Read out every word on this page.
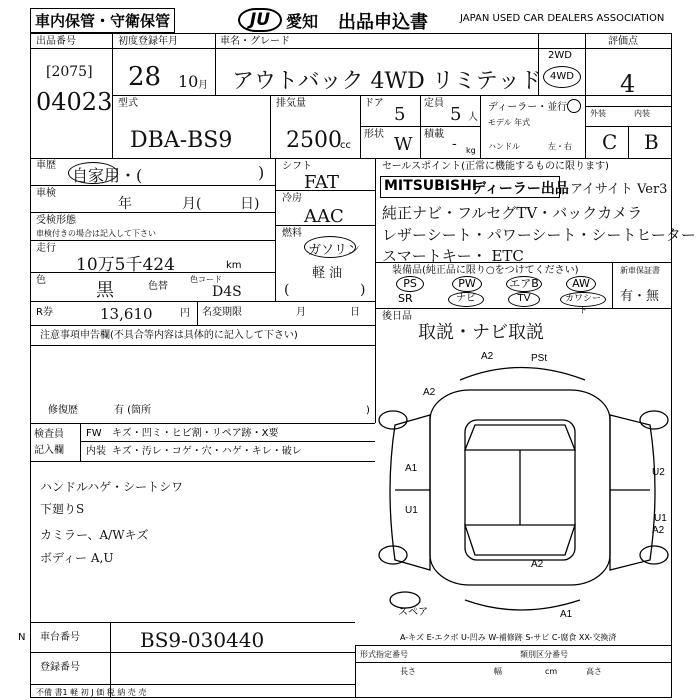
車内保管・守衛保管	JU 愛知 出品申込書	JAPAN USED CAR DEALERS ASSOCIATION
出品番号
[2075]
04023
初度登録年月
28 10 月
車名・グレード
アウトバック 4WD リミテッド
2WD
4WD
評価点
4
型式
DBA-BS9
排気量
2500
cc
ドア
5
形状 W
定員
5 人
積載
- kg
ディーラー・並行
モデル 年式
ハンドル	左・右
外装	内装
C B
車歴
自家用・(	)
車検
年	月(	日)
受検形態
車検付きの場合は記入して下さい
走行
10万5千424	km
色	黒	色替
色コード
D4S
シフト
FAT
冷房
AAC
燃料
ガソリン
軽 油
(	)
R券	13,610	円 名変期限	月	日
セールスポイント(正常に機能するものに限ります)
MITSUBISHI
ディーラー出品 アイサイト Ver3
純正ナビ・フルセグTV・バックカメラ
レザーシート・パワーシート・シートヒーター
スマートキー・ ETC
装備品(純正品に限り○をつけてください)	新車保証書
有・無
PS	PW	エアB	AW
SR	ナビ	TV	カワシート
後日品
取説・ナビ取説
注意事項申告欄(不具合等内容は具体的に記入して下さい)
修復歴	有 (箇所	)
検査員
記入欄
FW キズ・凹ミ・ヒビ割・リペア跡・X要
内装 キズ・汚レ・コゲ・穴・ハゲ・キレ・破レ
ハンドルハゲ・シートシワ
下廻りS
カミラー、A/Wキズ
ボディー A,U
A2	PSt
A2
A1	U2
U1
U1
A2
A2
A1
スペア
A-キズ E-エクボ U-凹み W-補修跡 S-サビ C-腐食 XX-交換済
N 車台番号	BS9-030440
登録番号
不備 書1 軽 初 J 価 税 納 売 売
形式指定番号	類別区分番号
長さ	幅	高さ
cm
